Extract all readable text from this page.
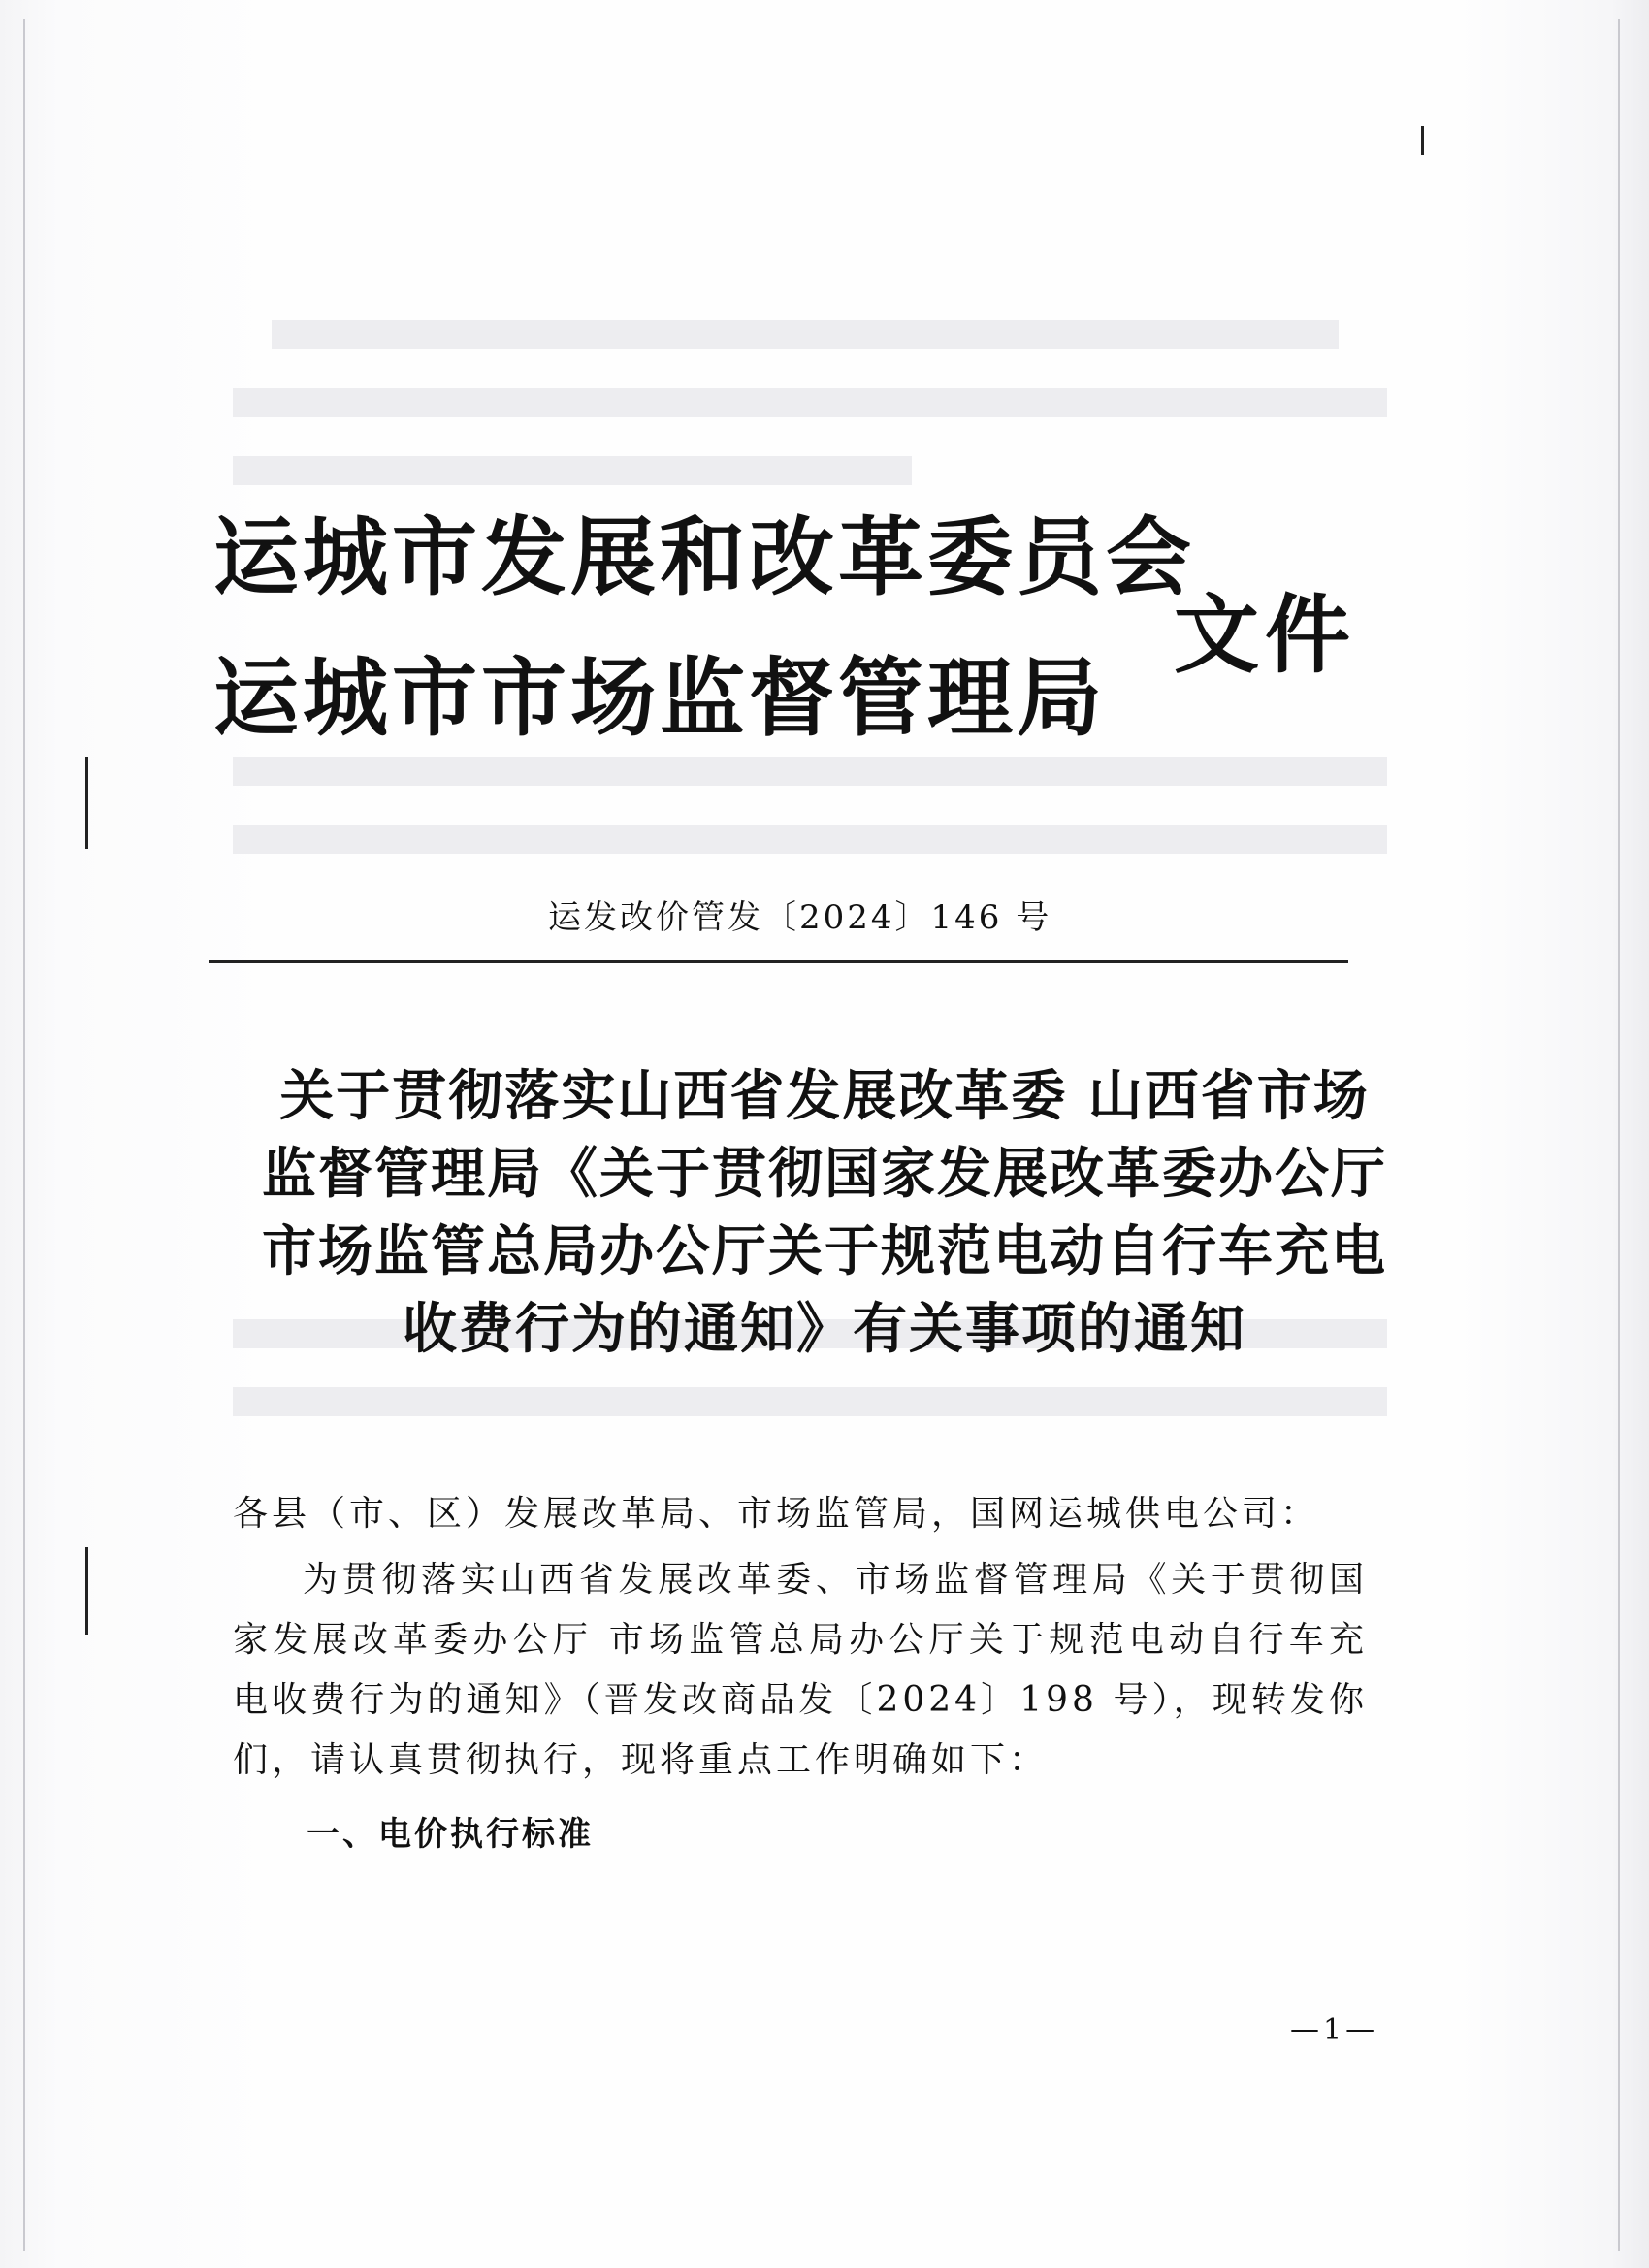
运城市发展和改革委员会
运城市市场监督管理局
文件
运发改价管发〔2024〕146 号
关于贯彻落实山西省发展改革委 山西省市场
监督管理局《关于贯彻国家发展改革委办公厅
市场监管总局办公厅关于规范电动自行车充电
收费行为的通知》有关事项的通知

各县（市、区）发展改革局、市场监管局，国网运城供电公司：

为贯彻落实山西省发展改革委、市场监督管理局《关于贯彻国家发展改革委办公厅 市场监管总局办公厅关于规范电动自行车充电收费行为的通知》（晋发改商品发〔2024〕198 号），现转发你们，请认真贯彻执行，现将重点工作明确如下：

一、电价执行标准
—1—
